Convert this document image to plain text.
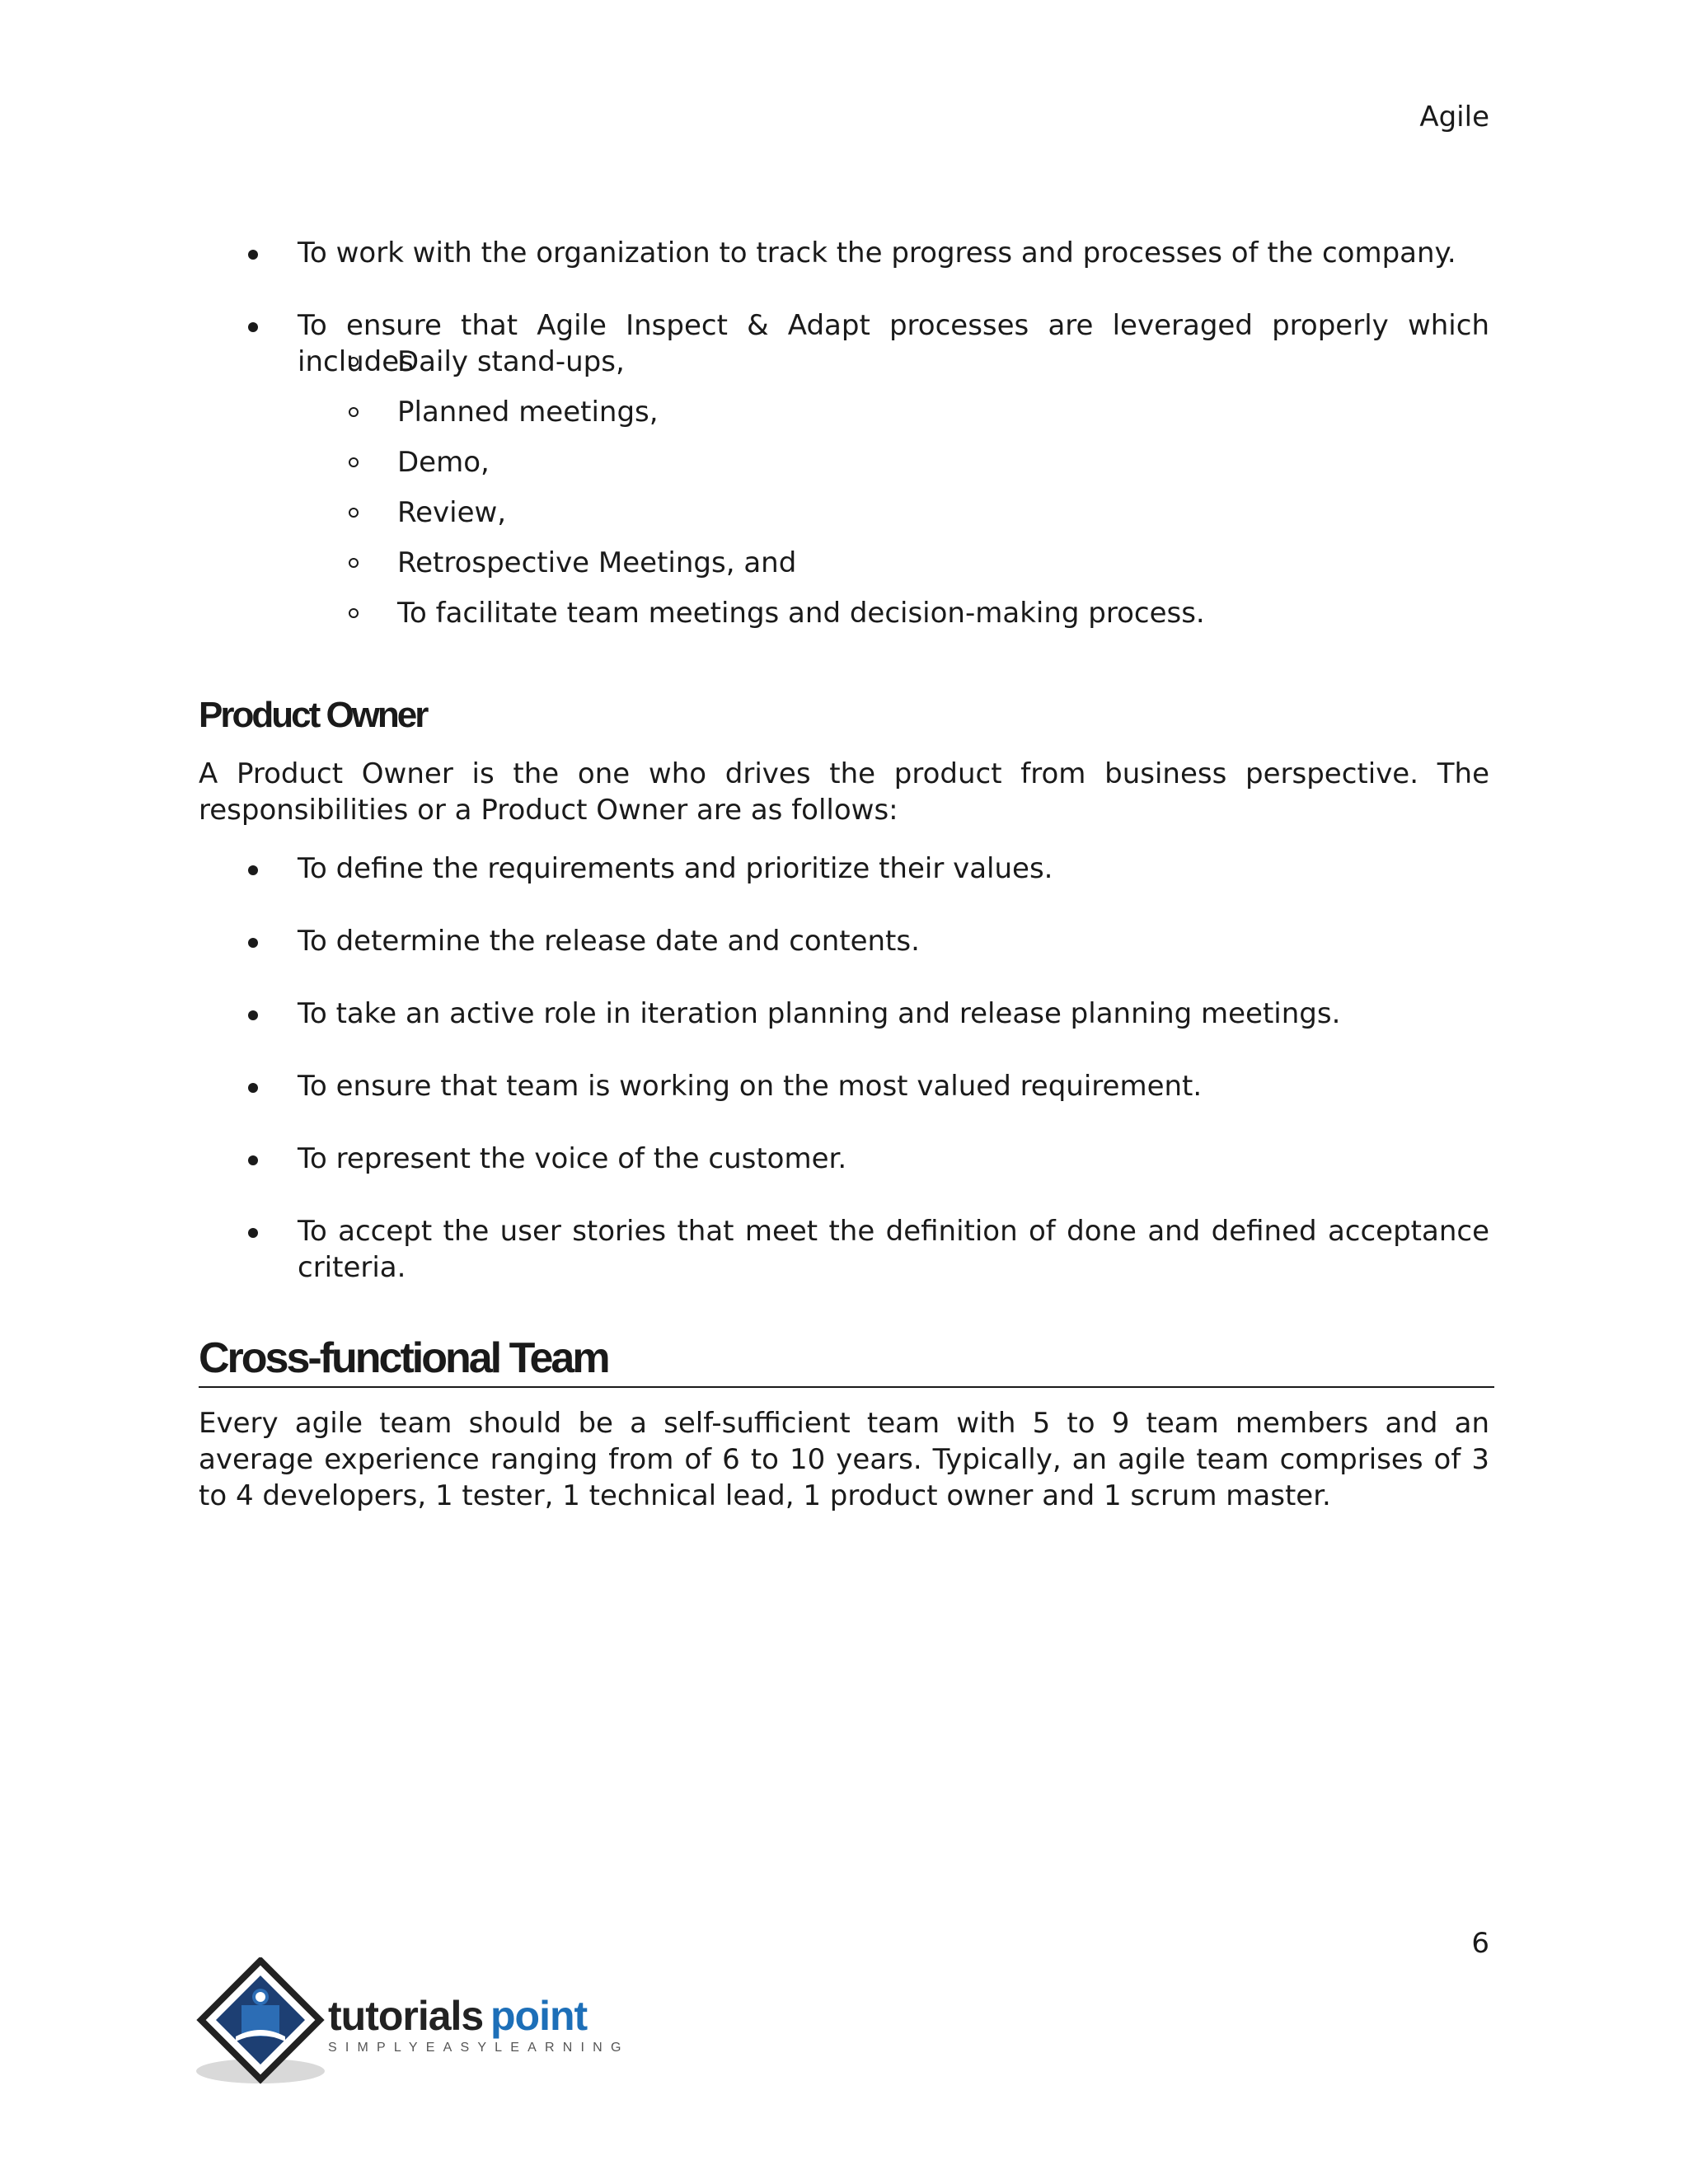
Agile
To work with the organization to track the progress and processes of the company.
To ensure that Agile Inspect & Adapt processes are leveraged properly which includes
Daily stand-ups,
Planned meetings,
Demo,
Review,
Retrospective Meetings, and
To facilitate team meetings and decision-making process.
Product Owner

A Product Owner is the one who drives the product from business perspective. The responsibilities or a Product Owner are as follows:

To define the requirements and prioritize their values.
To determine the release date and contents.
To take an active role in iteration planning and release planning meetings.
To ensure that team is working on the most valued requirement.
To represent the voice of the customer.
To accept the user stories that meet the definition of done and defined acceptance criteria.
Cross-functional Team

Every agile team should be a self-sufficient team with 5 to 9 team members and an average experience ranging from of 6 to 10 years. Typically, an agile team comprises of 3 to 4 developers, 1 tester, 1 technical lead, 1 product owner and 1 scrum master.

6
tutorials point
SIMPLYEASYLEARNING
